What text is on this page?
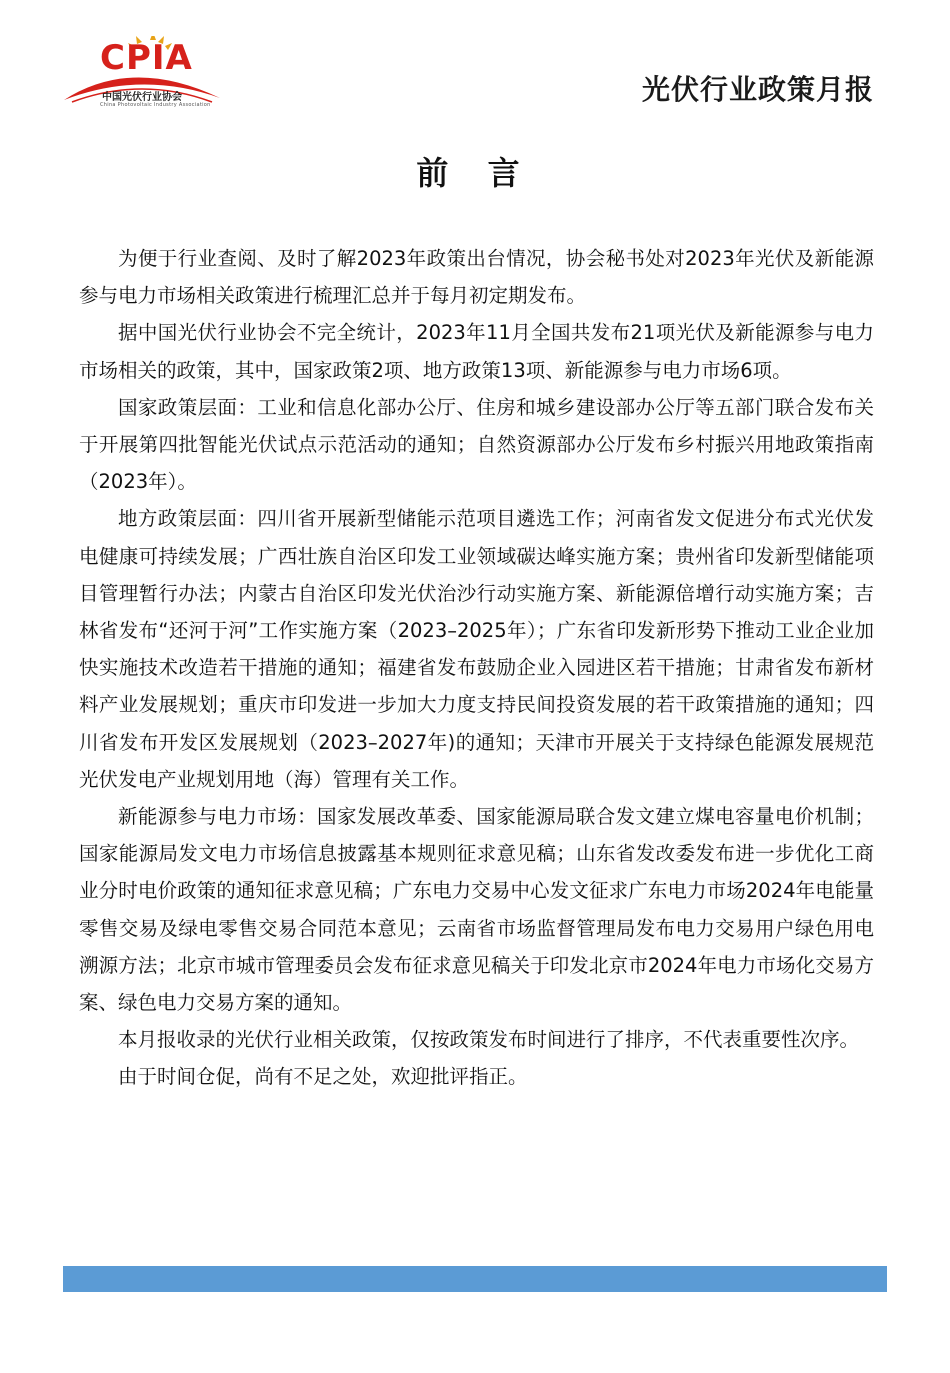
CPIA
中国光伏行业协会
China Photovoltaic Industry Association	光伏行业政策月报
前 言

为便于行业查阅、及时了解2023年政策出台情况，协会秘书处对2023年光伏及新能源参与电力市场相关政策进行梳理汇总并于每月初定期发布。

据中国光伏行业协会不完全统计，2023年11月全国共发布21项光伏及新能源参与电力市场相关的政策，其中，国家政策2项、地方政策13项、新能源参与电力市场6项。

国家政策层面：工业和信息化部办公厅、住房和城乡建设部办公厅等五部门联合发布关于开展第四批智能光伏试点示范活动的通知；自然资源部办公厅发布乡村振兴用地政策指南（2023年）。

地方政策层面：四川省开展新型储能示范项目遴选工作；河南省发文促进分布式光伏发电健康可持续发展；广西壮族自治区印发工业领域碳达峰实施方案；贵州省印发新型储能项目管理暂行办法；内蒙古自治区印发光伏治沙行动实施方案、新能源倍增行动实施方案；吉林省发布“还河于河”工作实施方案（2023–2025年）；广东省印发新形势下推动工业企业加快实施技术改造若干措施的通知；福建省发布鼓励企业入园进区若干措施；甘肃省发布新材料产业发展规划；重庆市印发进一步加大力度支持民间投资发展的若干政策措施的通知；四川省发布开发区发展规划（2023–2027年)的通知；天津市开展关于支持绿色能源发展规范光伏发电产业规划用地（海）管理有关工作。

新能源参与电力市场：国家发展改革委、国家能源局联合发文建立煤电容量电价机制；国家能源局发文电力市场信息披露基本规则征求意见稿；山东省发改委发布进一步优化工商业分时电价政策的通知征求意见稿；广东电力交易中心发文征求广东电力市场2024年电能量零售交易及绿电零售交易合同范本意见；云南省市场监督管理局发布电力交易用户绿色用电溯源方法；北京市城市管理委员会发布征求意见稿关于印发北京市2024年电力市场化交易方案、绿色电力交易方案的通知。

本月报收录的光伏行业相关政策，仅按政策发布时间进行了排序，不代表重要性次序。

由于时间仓促，尚有不足之处，欢迎批评指正。
